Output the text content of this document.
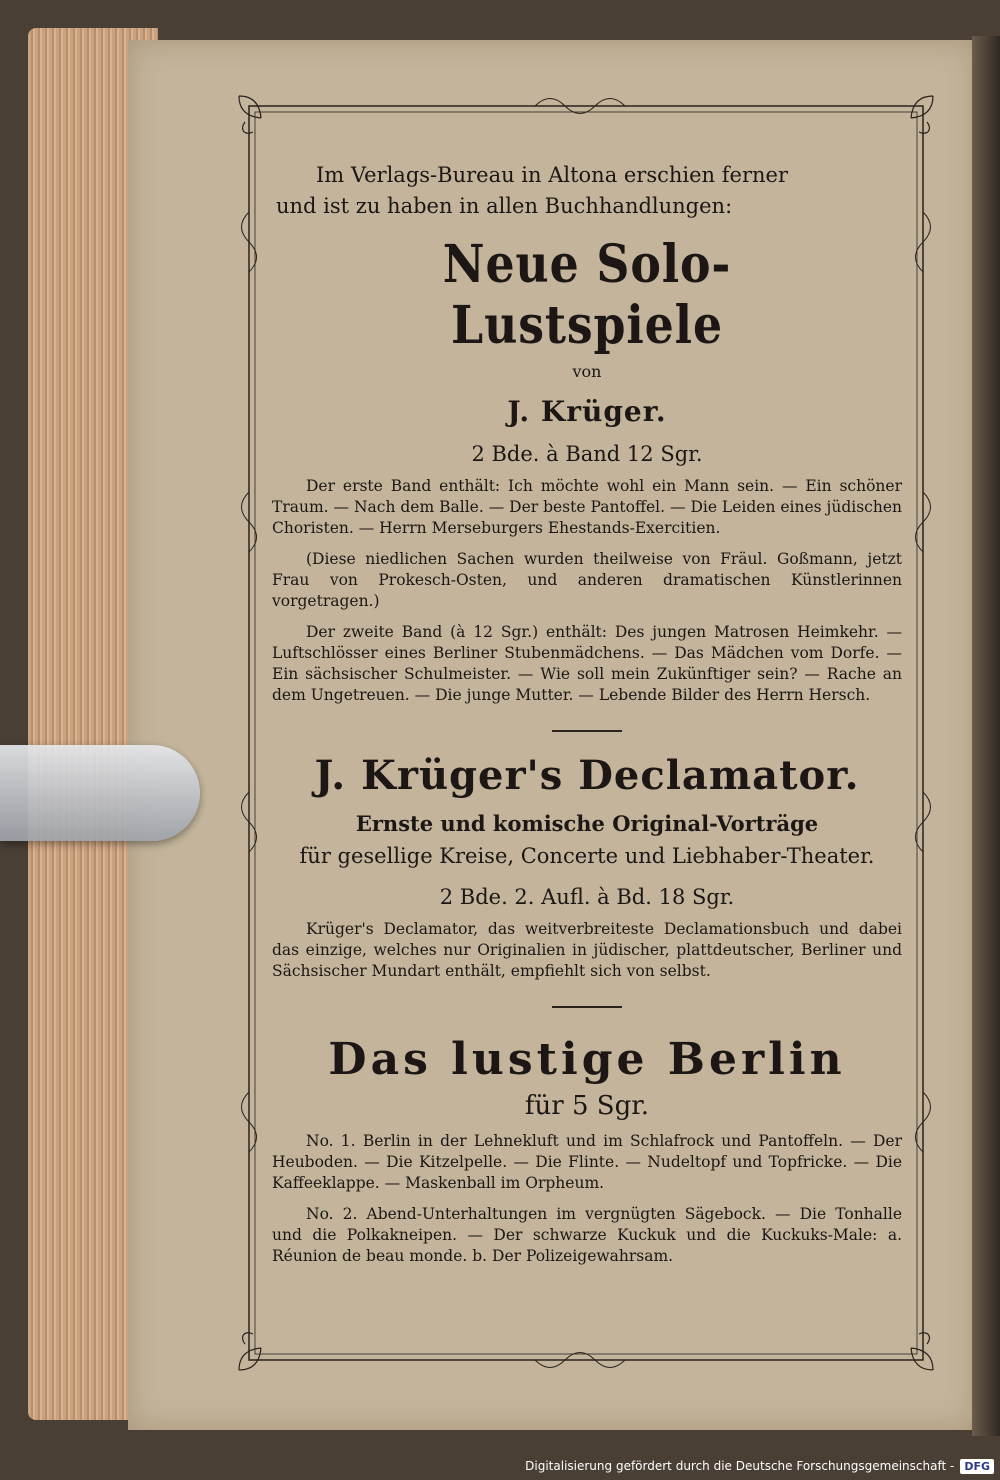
Im Verlags-Bureau in Altona erschien ferner
und ist zu haben in allen Buchhandlungen:
Neue Solo-Lustspiele
von
J. Krüger.
2 Bde. à Band 12 Sgr.

Der erste Band enthält: Ich möchte wohl ein Mann sein. — Ein schöner Traum. — Nach dem Balle. — Der beste Pantoffel. — Die Leiden eines jüdischen Choristen. — Herrn Merseburgers Ehestands-Exercitien.

(Diese niedlichen Sachen wurden theilweise von Fräul. Goßmann, jetzt Frau von Prokesch-Osten, und anderen dramatischen Künstlerinnen vorgetragen.)

Der zweite Band (à 12 Sgr.) enthält: Des jungen Matrosen Heimkehr. — Luftschlösser eines Berliner Stubenmädchens. — Das Mädchen vom Dorfe. — Ein sächsischer Schulmeister. — Wie soll mein Zukünftiger sein? — Rache an dem Ungetreuen. — Die junge Mutter. — Lebende Bilder des Herrn Hersch.

J. Krüger's Declamator.
Ernste und komische Original-Vorträge
für gesellige Kreise, Concerte und Liebhaber-Theater.
2 Bde. 2. Aufl. à Bd. 18 Sgr.

Krüger's Declamator, das weitverbreiteste Declamationsbuch und dabei das einzige, welches nur Originalien in jüdischer, plattdeutscher, Berliner und Sächsischer Mundart enthält, empfiehlt sich von selbst.

Das lustige Berlin
für 5 Sgr.

No. 1. Berlin in der Lehnekluft und im Schlafrock und Pantoffeln. — Der Heuboden. — Die Kitzelpelle. — Die Flinte. — Nudeltopf und Topfricke. — Die Kaffeeklappe. — Maskenball im Orpheum.

No. 2. Abend-Unterhaltungen im vergnügten Sägebock. — Die Tonhalle und die Polkakneipen. — Der schwarze Kuckuk und die Kuckuks-Male: a. Réunion de beau monde. b. Der Polizeigewahrsam.

Digitalisierung gefördert durch die Deutsche Forschungsgemeinschaft - DFG
